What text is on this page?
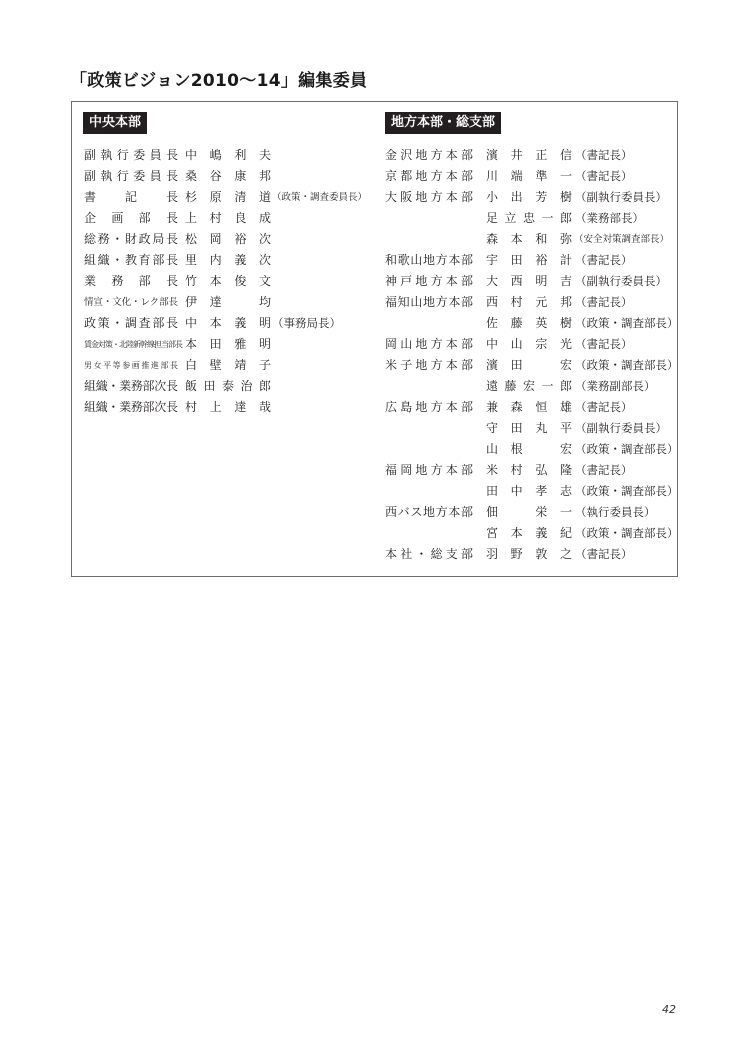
「政策ビジョン2010〜14」編集委員
中央本部	地方本部・総支部
副執行委員長 中嶋利夫
副執行委員長 桑谷康邦
書記長
杉原清道
（政策・調査委員長）
企画部長
上村良成
総務・財政局長 松岡裕次
組織・教育部長 里内義次
業務部長
竹本俊文
情宣・文化・レク部長 伊達　均
政策・調査部長 中本義明
（事務局長）
賃金対策・北陸新幹線担当部長 本田雅明
男女平等参画推進部長 白壁靖子
組織・業務部次長 飯田泰治郎
組織・業務部次長 村上達哉
金沢地方本部 濱井正信
（書記長）
京都地方本部 川端準一
（書記長）
大阪地方本部 小出芳樹
（副執行委員長）
足立忠一郎
（業務部長）
森本和弥
（安全対策調査部長）
和歌山地方本部 宇田裕計
（書記長）
神戸地方本部 大西明吉
（副執行委員長）
福知山地方本部 西村元邦
（書記長）
佐藤英樹
（政策・調査部長）
岡山地方本部 中山宗光
（書記長）
米子地方本部 濱田　宏
（政策・調査部長）
遠藤宏一郎
（業務副部長）
広島地方本部 兼森恒雄
（書記長）
守田丸平
（副執行委員長）
山根　宏
（政策・調査部長）
福岡地方本部 米村弘隆
（書記長）
田中孝志
（政策・調査部長）
西バス地方本部 佃　栄一
（執行委員長）
宮本義紀
（政策・調査部長）
本社・総支部 羽野敦之
（書記長）
42
